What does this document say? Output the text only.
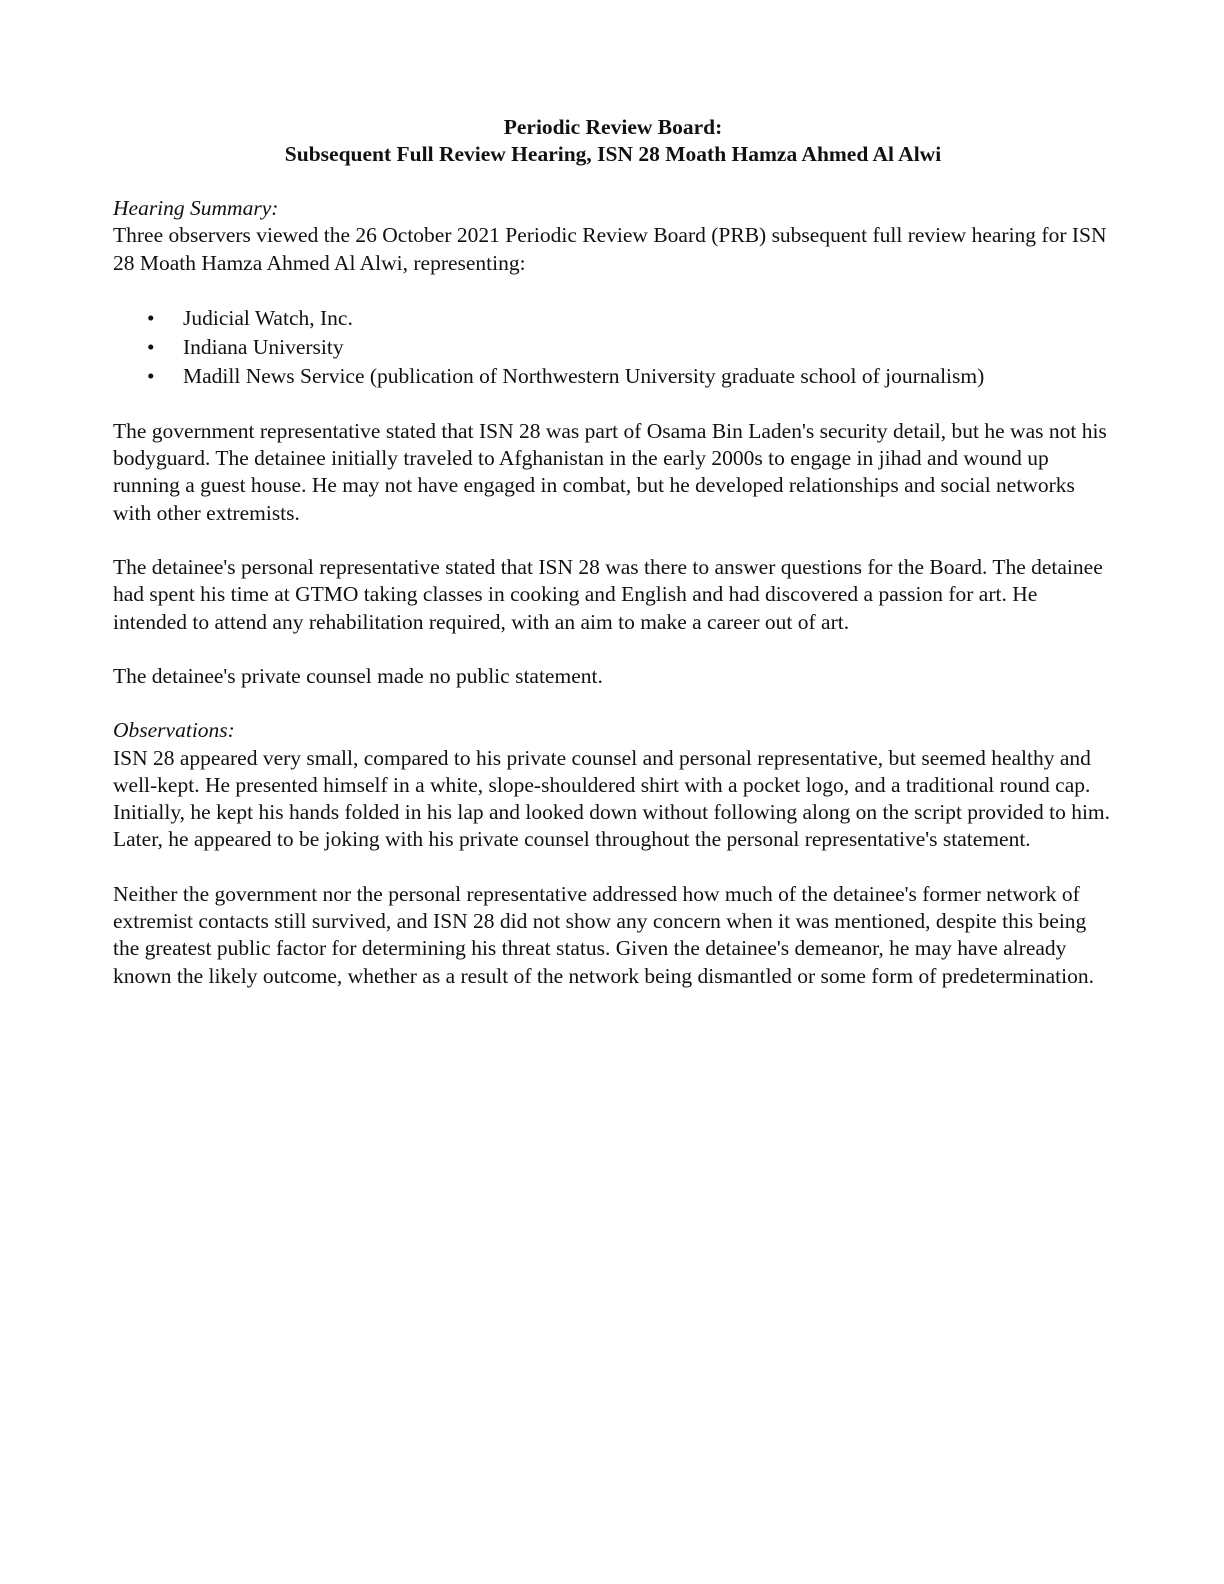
Periodic Review Board:
Subsequent Full Review Hearing, ISN 28 Moath Hamza Ahmed Al Alwi
Hearing Summary:

Three observers viewed the 26 October 2021 Periodic Review Board (PRB) subsequent full review hearing for ISN 28 Moath Hamza Ahmed Al Alwi, representing:

• Judicial Watch, Inc.
• Indiana University
• Madill News Service (publication of Northwestern University graduate school of journalism)

The government representative stated that ISN 28 was part of Osama Bin Laden's security detail, but he was not his bodyguard. The detainee initially traveled to Afghanistan in the early 2000s to engage in jihad and wound up running a guest house. He may not have engaged in combat, but he developed relationships and social networks with other extremists.

The detainee's personal representative stated that ISN 28 was there to answer questions for the Board. The detainee had spent his time at GTMO taking classes in cooking and English and had discovered a passion for art. He intended to attend any rehabilitation required, with an aim to make a career out of art.

The detainee's private counsel made no public statement.

Observations:

ISN 28 appeared very small, compared to his private counsel and personal representative, but seemed healthy and well-kept. He presented himself in a white, slope-shouldered shirt with a pocket logo, and a traditional round cap. Initially, he kept his hands folded in his lap and looked down without following along on the script provided to him. Later, he appeared to be joking with his private counsel throughout the personal representative's statement.

Neither the government nor the personal representative addressed how much of the detainee's former network of extremist contacts still survived, and ISN 28 did not show any concern when it was mentioned, despite this being the greatest public factor for determining his threat status. Given the detainee's demeanor, he may have already known the likely outcome, whether as a result of the network being dismantled or some form of predetermination.
